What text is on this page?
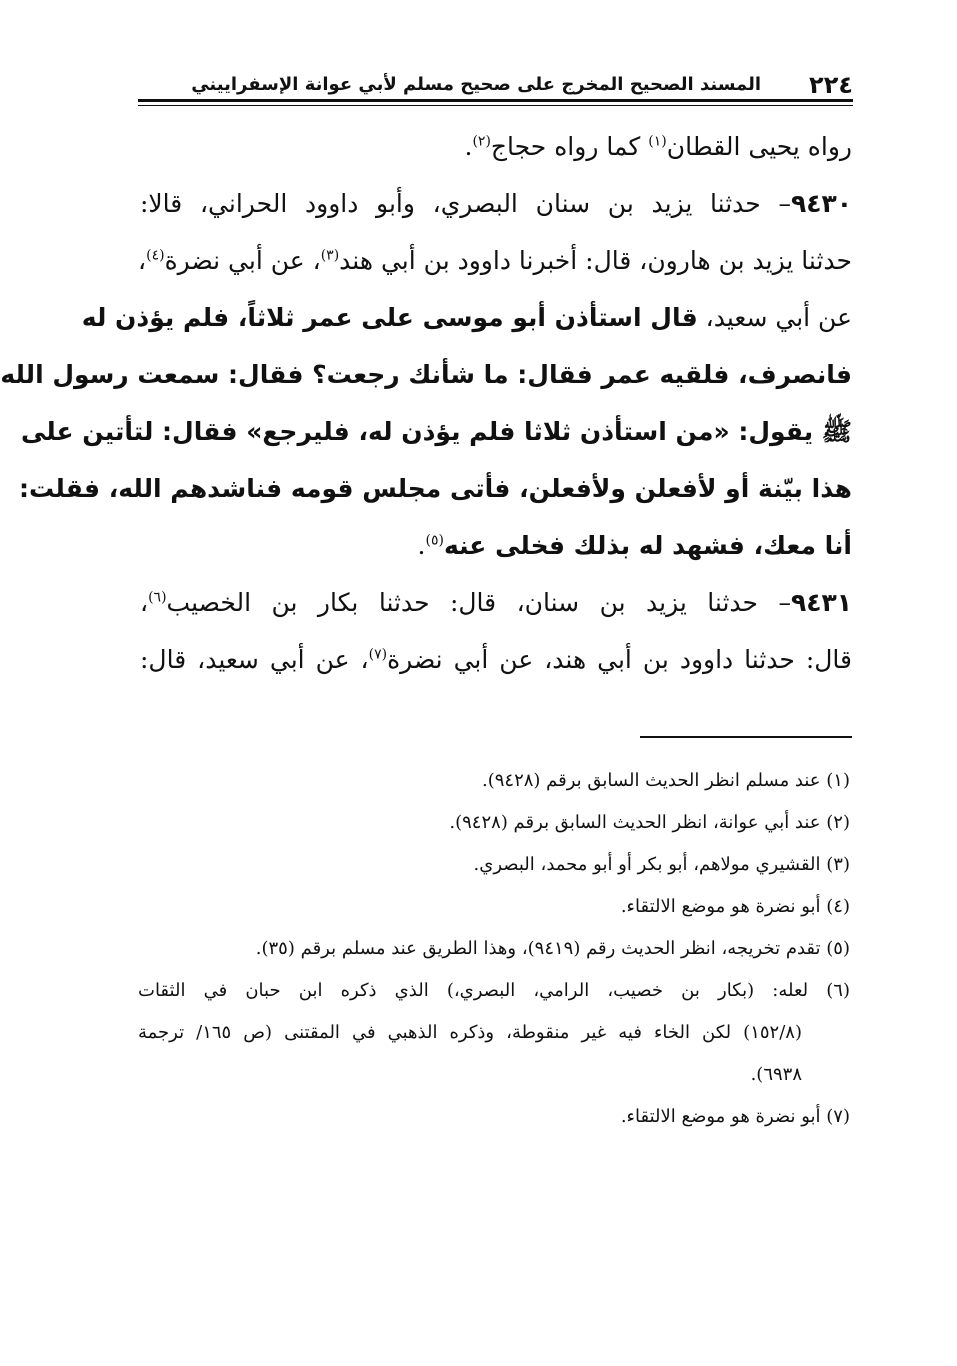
٢٢٤
المسند الصحيح المخرج على صحيح مسلم لأبي عوانة الإسفراييني
رواه يحيى القطان$^{(١)}$ كما رواه حجاج$^{(٢)}$.
٩٤٣٠– حدثنا يزيد بن سنان البصري، وأبو داوود الحراني، قالا:
حدثنا يزيد بن هارون، قال: أخبرنا داوود بن أبي هند$^{(٣)}$، عن أبي نضرة$^{(٤)}$،
عن أبي سعيد، قال استأذن أبو موسى على عمر ثلاثاً، فلم يؤذن له
فانصرف، فلقيه عمر فقال: ما شأنك رجعت؟ فقال: سمعت رسول الله
ﷺ يقول: «من استأذن ثلاثا فلم يؤذن له، فليرجع» فقال: لتأتين على
هذا بيّنة أو لأفعلن ولأفعلن، فأتى مجلس قومه فناشدهم الله، فقلت:
أنا معك، فشهد له بذلك فخلى عنه$^{(٥)}$.
٩٤٣١– حدثنا يزيد بن سنان، قال: حدثنا بكار بن الخصيب$^{(٦)}$،
قال: حدثنا داوود بن أبي هند، عن أبي نضرة$^{(٧)}$، عن أبي سعيد، قال:
(١) عند مسلم انظر الحديث السابق برقم (٩٤٢٨).
(٢) عند أبي عوانة، انظر الحديث السابق برقم (٩٤٢٨).
(٣) القشيري مولاهم، أبو بكر أو أبو محمد، البصري.
(٤) أبو نضرة هو موضع الالتقاء.
(٥) تقدم تخريجه، انظر الحديث رقم (٩٤١٩)، وهذا الطريق عند مسلم برقم (٣٥).
(٦) لعله: (بكار بن خصيب، الرامي، البصري،) الذي ذكره ابن حبان في الثقات
(١٥٢/٨) لكن الخاء فيه غير منقوطة، وذكره الذهبي في المقتنى (ص ١٦٥/ ترجمة
٦٩٣٨).
(٧) أبو نضرة هو موضع الالتقاء.
